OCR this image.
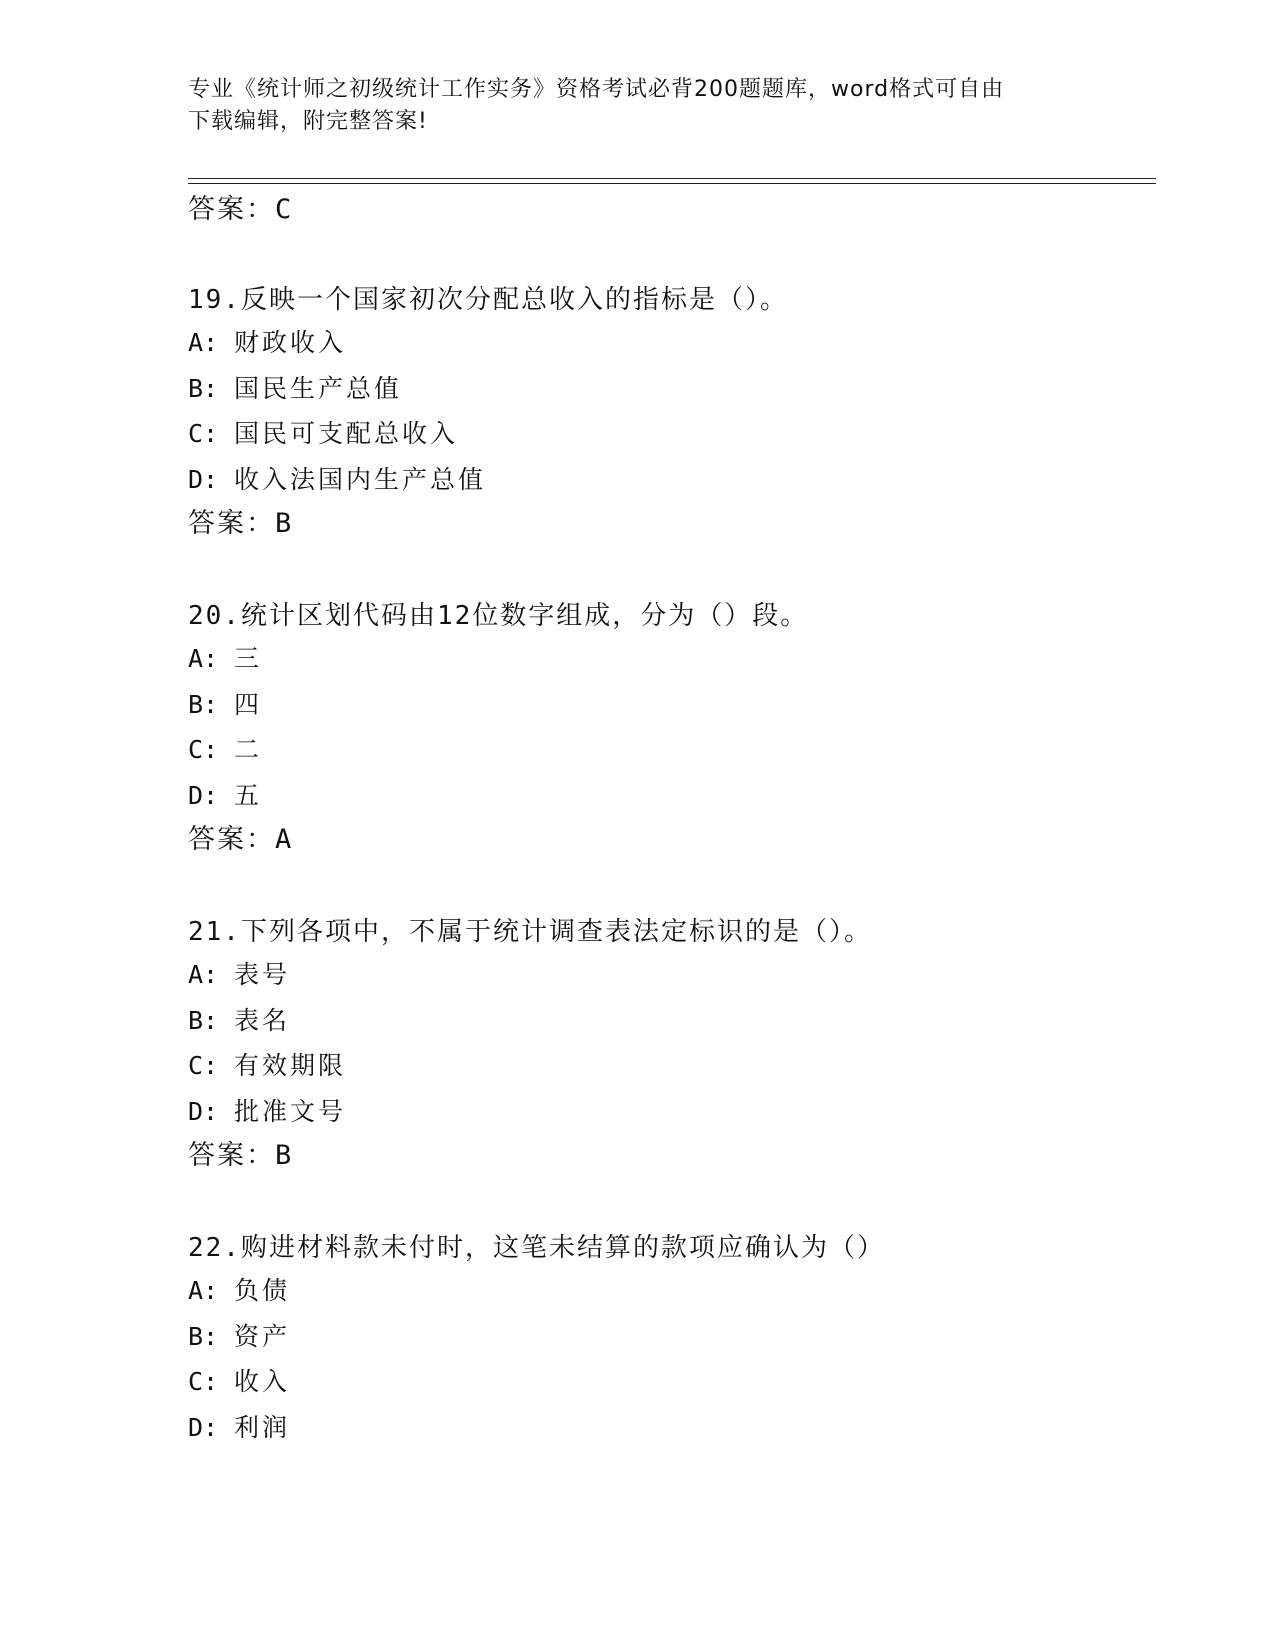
专业《统计师之初级统计工作实务》资格考试必背200题题库，word格式可自由
下载编辑，附完整答案!
答案：C
19.反映一个国家初次分配总收入的指标是（）。
A: 财政收入
B: 国民生产总值
C: 国民可支配总收入
D: 收入法国内生产总值
答案：B
20.统计区划代码由12位数字组成，分为（）段。
A: 三
B: 四
C: 二
D: 五
答案：A
21.下列各项中，不属于统计调查表法定标识的是（）。
A: 表号
B: 表名
C: 有效期限
D: 批准文号
答案：B
22.购进材料款未付时，这笔未结算的款项应确认为（）
A: 负债
B: 资产
C: 收入
D: 利润
